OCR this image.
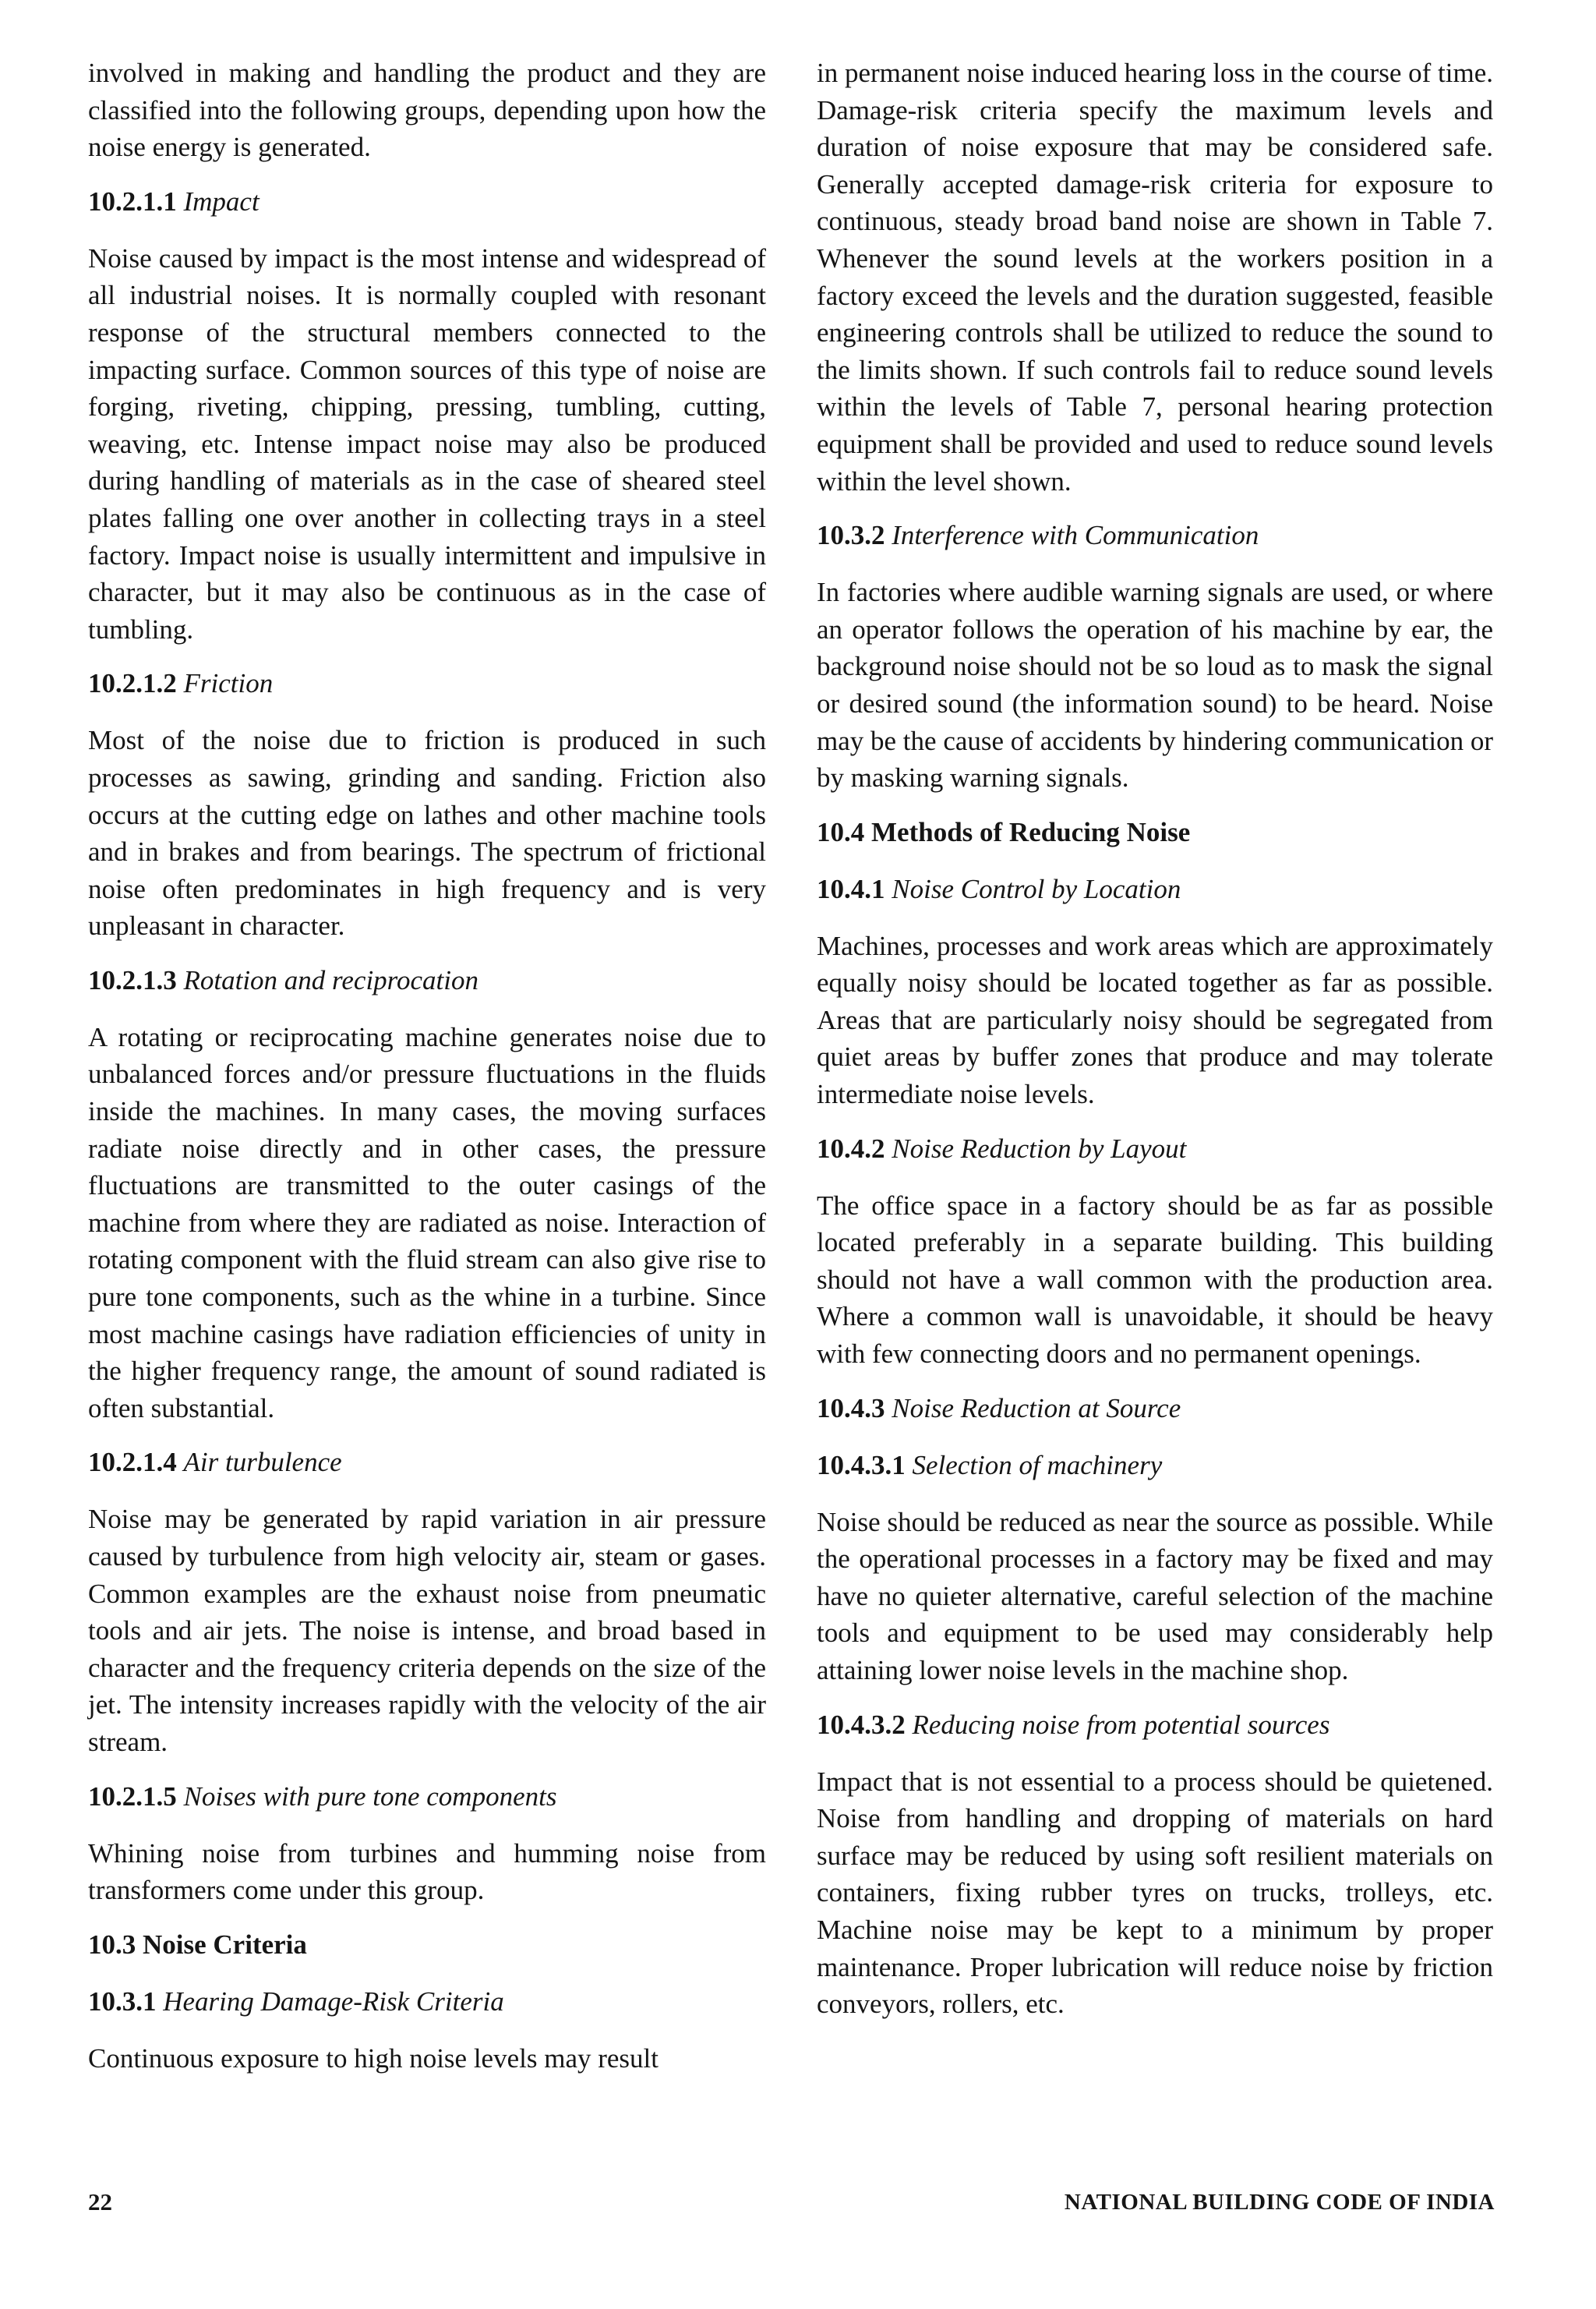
involved in making and handling the product and they are classified into the following groups, depending upon how the noise energy is generated.

10.2.1.1 Impact

Noise caused by impact is the most intense and widespread of all industrial noises. It is normally coupled with resonant response of the structural members connected to the impacting surface. Common sources of this type of noise are forging, riveting, chipping, pressing, tumbling, cutting, weaving, etc. Intense impact noise may also be produced during handling of materials as in the case of sheared steel plates falling one over another in collecting trays in a steel factory. Impact noise is usually intermittent and impulsive in character, but it may also be continuous as in the case of tumbling.

10.2.1.2 Friction

Most of the noise due to friction is produced in such processes as sawing, grinding and sanding. Friction also occurs at the cutting edge on lathes and other machine tools and in brakes and from bearings. The spectrum of frictional noise often predominates in high frequency and is very unpleasant in character.

10.2.1.3 Rotation and reciprocation

A rotating or reciprocating machine generates noise due to unbalanced forces and/or pressure fluctuations in the fluids inside the machines. In many cases, the moving surfaces radiate noise directly and in other cases, the pressure fluctuations are transmitted to the outer casings of the machine from where they are radiated as noise. Interaction of rotating component with the fluid stream can also give rise to pure tone components, such as the whine in a turbine. Since most machine casings have radiation efficiencies of unity in the higher frequency range, the amount of sound radiated is often substantial.

10.2.1.4 Air turbulence

Noise may be generated by rapid variation in air pressure caused by turbulence from high velocity air, steam or gases. Common examples are the exhaust noise from pneumatic tools and air jets. The noise is intense, and broad based in character and the frequency criteria depends on the size of the jet. The intensity increases rapidly with the velocity of the air stream.

10.2.1.5 Noises with pure tone components

Whining noise from turbines and humming noise from transformers come under this group.

10.3 Noise Criteria
10.3.1 Hearing Damage-Risk Criteria

Continuous exposure to high noise levels may result

in permanent noise induced hearing loss in the course of time. Damage-risk criteria specify the maximum levels and duration of noise exposure that may be considered safe. Generally accepted damage-risk criteria for exposure to continuous, steady broad band noise are shown in Table 7. Whenever the sound levels at the workers position in a factory exceed the levels and the duration suggested, feasible engineering controls shall be utilized to reduce the sound to the limits shown. If such controls fail to reduce sound levels within the levels of Table 7, personal hearing protection equipment shall be provided and used to reduce sound levels within the level shown.

10.3.2 Interference with Communication

In factories where audible warning signals are used, or where an operator follows the operation of his machine by ear, the background noise should not be so loud as to mask the signal or desired sound (the information sound) to be heard. Noise may be the cause of accidents by hindering communication or by masking warning signals.

10.4 Methods of Reducing Noise
10.4.1 Noise Control by Location

Machines, processes and work areas which are approximately equally noisy should be located together as far as possible. Areas that are particularly noisy should be segregated from quiet areas by buffer zones that produce and may tolerate intermediate noise levels.

10.4.2 Noise Reduction by Layout

The office space in a factory should be as far as possible located preferably in a separate building. This building should not have a wall common with the production area. Where a common wall is unavoidable, it should be heavy with few connecting doors and no permanent openings.

10.4.3 Noise Reduction at Source
10.4.3.1 Selection of machinery

Noise should be reduced as near the source as possible. While the operational processes in a factory may be fixed and may have no quieter alternative, careful selection of the machine tools and equipment to be used may considerably help attaining lower noise levels in the machine shop.

10.4.3.2 Reducing noise from potential sources

Impact that is not essential to a process should be quietened. Noise from handling and dropping of materials on hard surface may be reduced by using soft resilient materials on containers, fixing rubber tyres on trucks, trolleys, etc. Machine noise may be kept to a minimum by proper maintenance. Proper lubrication will reduce noise by friction conveyors, rollers, etc.

22	NATIONAL BUILDING CODE OF INDIA
